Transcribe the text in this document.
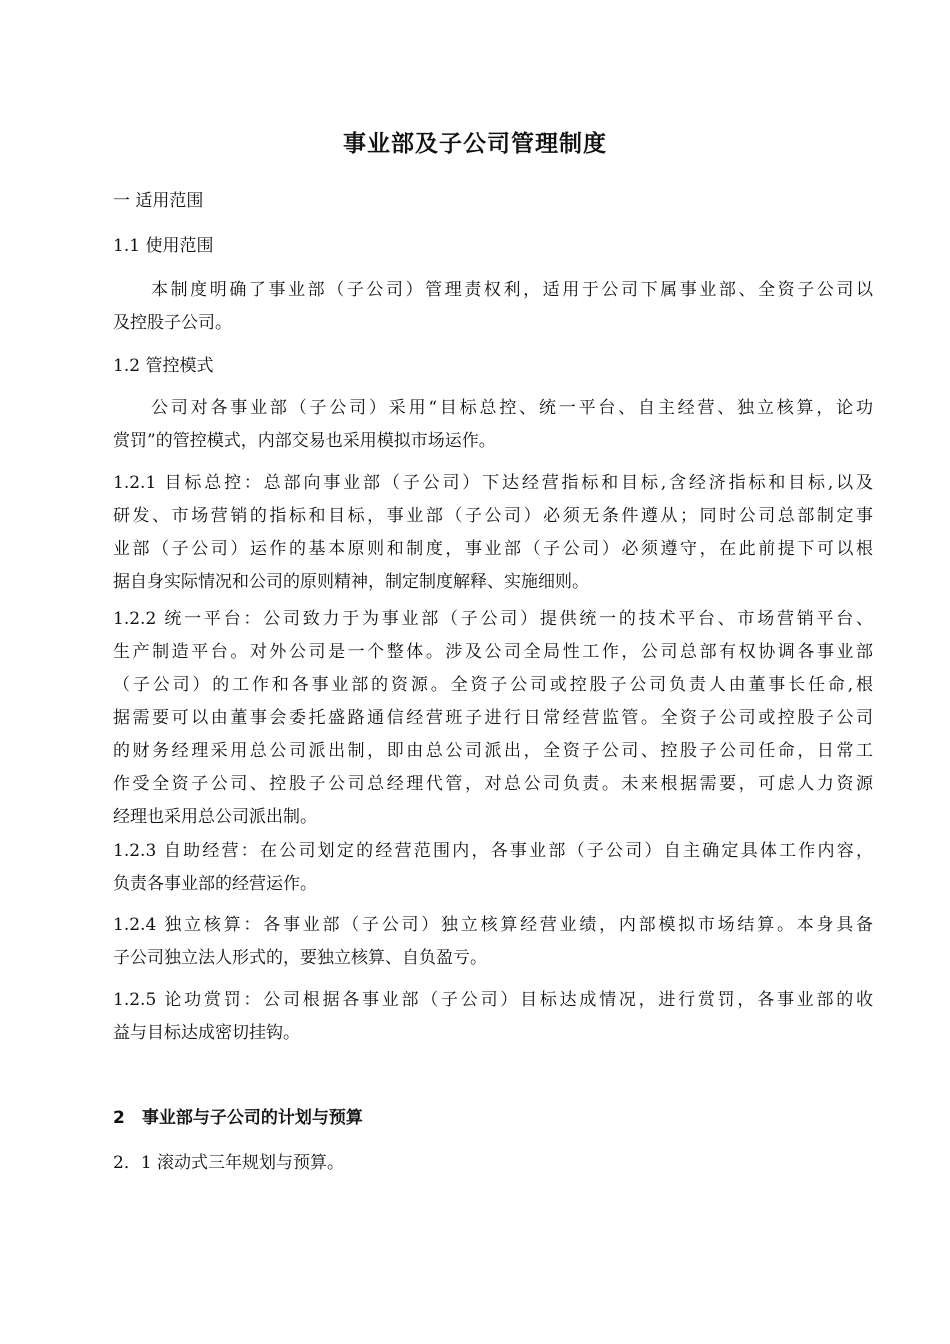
事业部及子公司管理制度
一 适用范围
1.1 使用范围
本制度明确了事业部（子公司）管理责权利，适用于公司下属事业部、全资子公司以
及控股子公司。
1.2 管控模式
公司对各事业部（子公司）采用“目标总控、统一平台、自主经营、独立核算，论功
赏罚”的管控模式，内部交易也采用模拟市场运作。
1.2.1 目标总控：总部向事业部（子公司）下达经营指标和目标,含经济指标和目标,以及
研发、市场营销的指标和目标，事业部（子公司）必须无条件遵从；同时公司总部制定事
业部（子公司）运作的基本原则和制度，事业部（子公司）必须遵守，在此前提下可以根
据自身实际情况和公司的原则精神，制定制度解释、实施细则。
1.2.2 统一平台：公司致力于为事业部（子公司）提供统一的技术平台、市场营销平台、
生产制造平台。对外公司是一个整体。涉及公司全局性工作，公司总部有权协调各事业部
（子公司）的工作和各事业部的资源。全资子公司或控股子公司负责人由董事长任命,根
据需要可以由董事会委托盛路通信经营班子进行日常经营监管。全资子公司或控股子公司
的财务经理采用总公司派出制，即由总公司派出，全资子公司、控股子公司任命，日常工
作受全资子公司、控股子公司总经理代管，对总公司负责。未来根据需要，可虑人力资源
经理也采用总公司派出制。
1.2.3 自助经营：在公司划定的经营范围内，各事业部（子公司）自主确定具体工作内容，
负责各事业部的经营运作。
1.2.4 独立核算：各事业部（子公司）独立核算经营业绩，内部模拟市场结算。本身具备
子公司独立法人形式的，要独立核算、自负盈亏。
1.2.5 论功赏罚：公司根据各事业部（子公司）目标达成情况，进行赏罚，各事业部的收
益与目标达成密切挂钩。
2　事业部与子公司的计划与预算
2．1 滚动式三年规划与预算。
